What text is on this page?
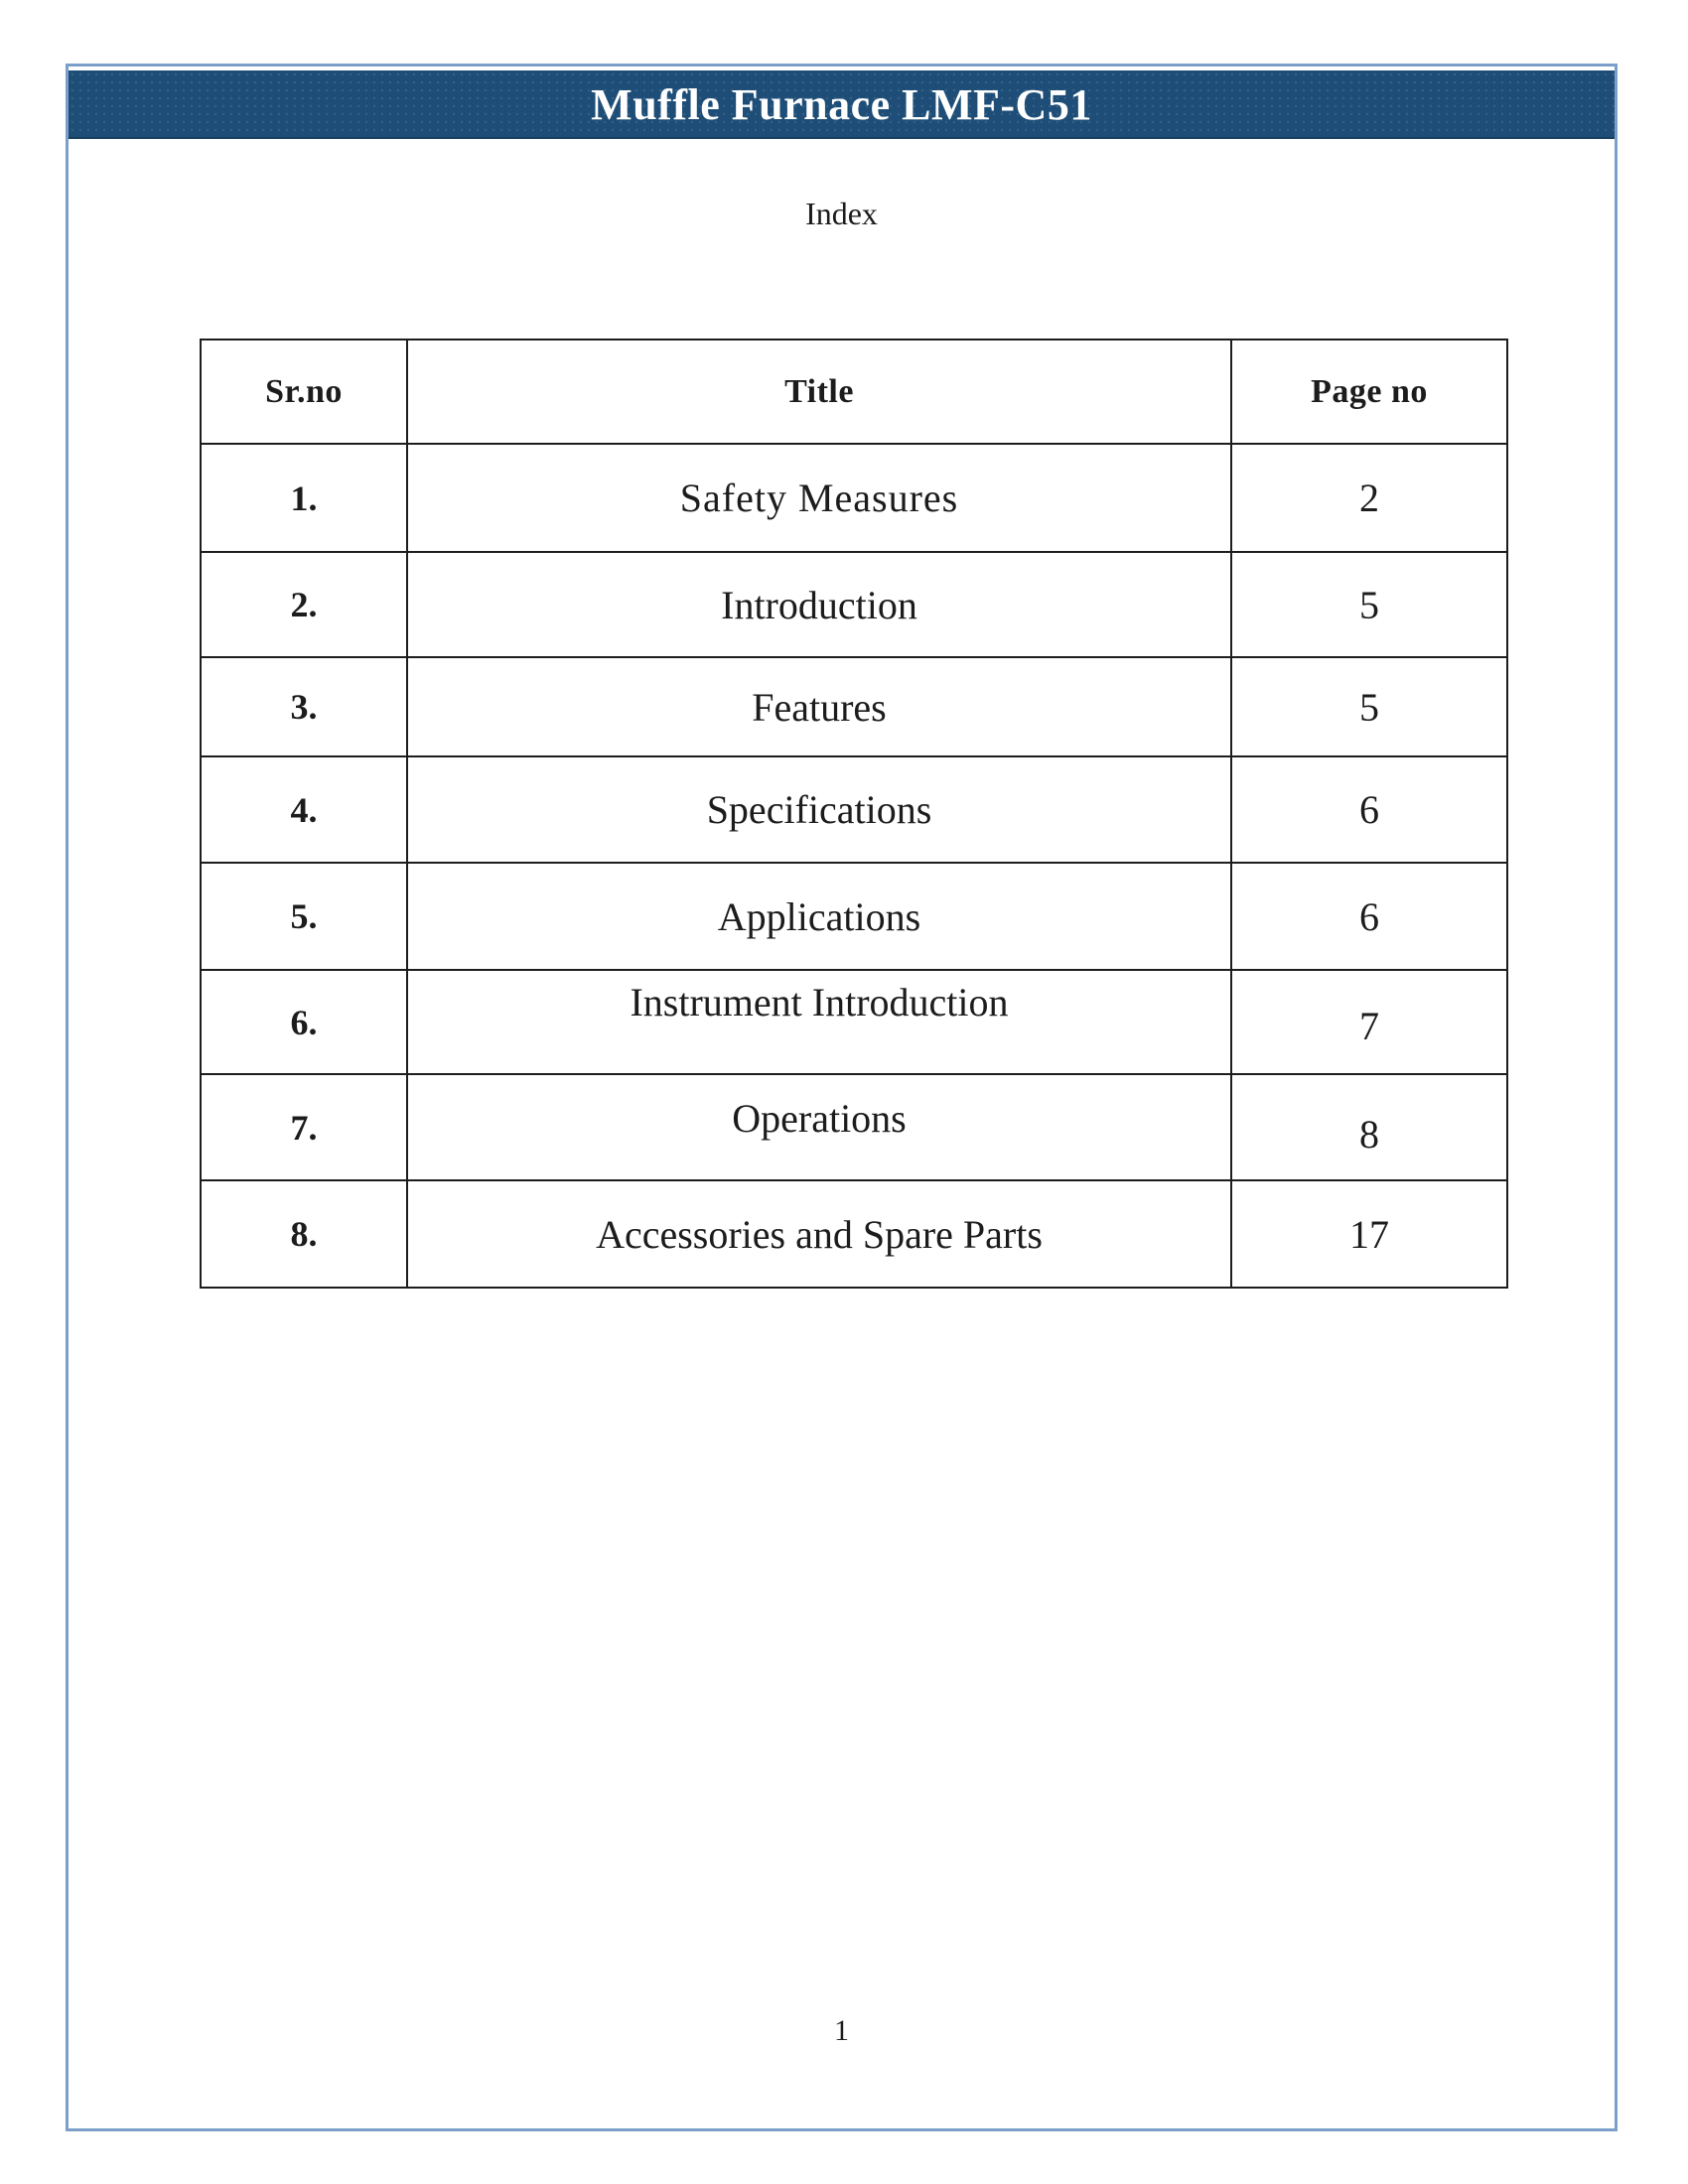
Muffle Furnace LMF-C51
Index
Sr.no	Title	Page no
1.	Safety Measures	2
2.	Introduction	5
3.	Features	5
4.	Specifications	6
5.	Applications	6
6.	Instrument Introduction	7
7.	Operations	8
8.	Accessories and Spare Parts	17
1
